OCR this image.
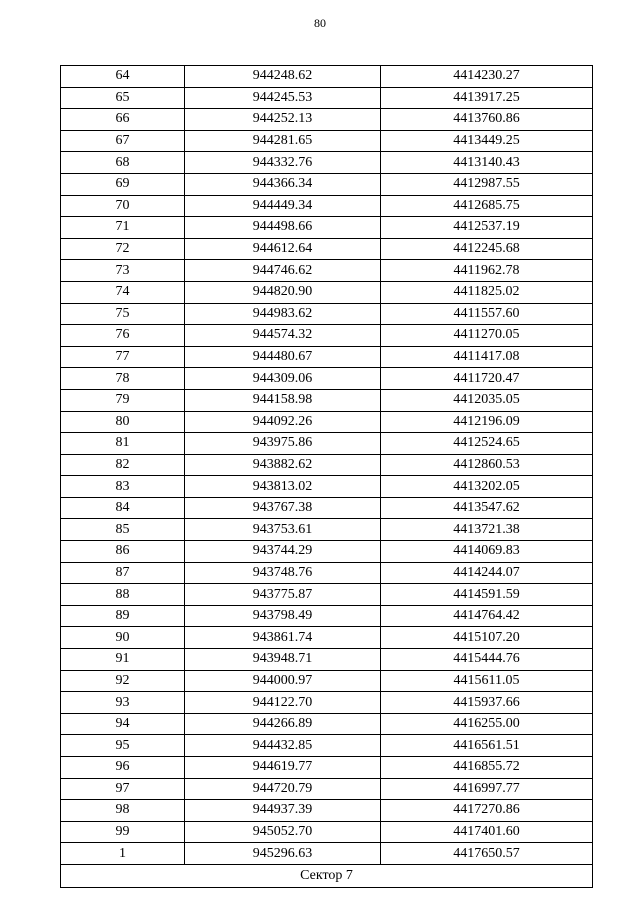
80
64	944248.62	4414230.27
65	944245.53	4413917.25
66	944252.13	4413760.86
67	944281.65	4413449.25
68	944332.76	4413140.43
69	944366.34	4412987.55
70	944449.34	4412685.75
71	944498.66	4412537.19
72	944612.64	4412245.68
73	944746.62	4411962.78
74	944820.90	4411825.02
75	944983.62	4411557.60
76	944574.32	4411270.05
77	944480.67	4411417.08
78	944309.06	4411720.47
79	944158.98	4412035.05
80	944092.26	4412196.09
81	943975.86	4412524.65
82	943882.62	4412860.53
83	943813.02	4413202.05
84	943767.38	4413547.62
85	943753.61	4413721.38
86	943744.29	4414069.83
87	943748.76	4414244.07
88	943775.87	4414591.59
89	943798.49	4414764.42
90	943861.74	4415107.20
91	943948.71	4415444.76
92	944000.97	4415611.05
93	944122.70	4415937.66
94	944266.89	4416255.00
95	944432.85	4416561.51
96	944619.77	4416855.72
97	944720.79	4416997.77
98	944937.39	4417270.86
99	945052.70	4417401.60
1	945296.63	4417650.57
Сектор 7		
